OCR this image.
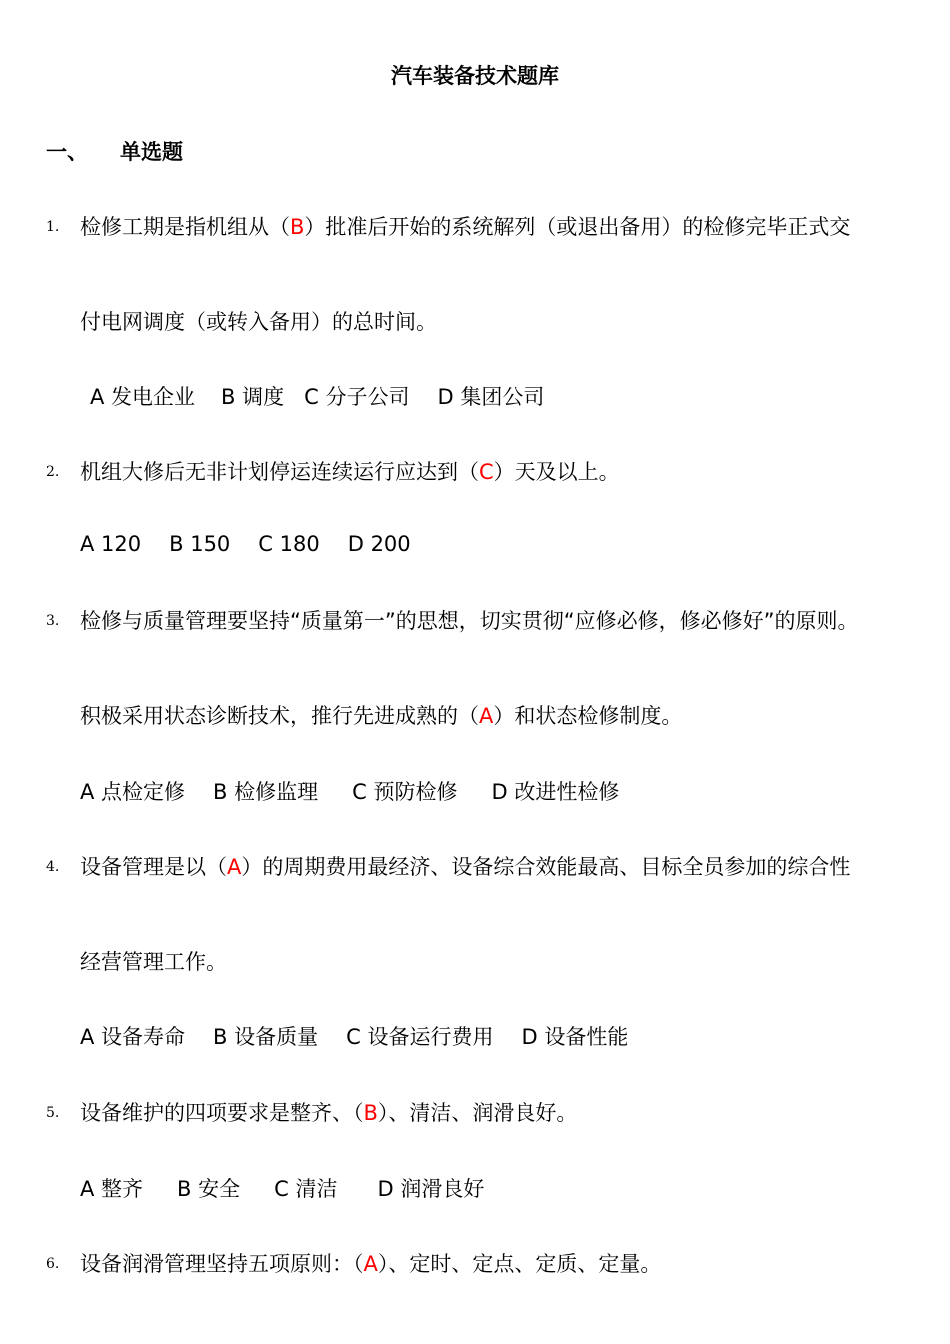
汽车装备技术题库
一、 单选题
1. 检修工期是指机组从（B）批准后开始的系统解列（或退出备用）的检修完毕正式交
付电网调度（或转入备用）的总时间。
A 发电企业 B 调度 C 分子公司 D 集团公司
2. 机组大修后无非计划停运连续运行应达到（C）天及以上。
A 120 B 150 C 180 D 200
3. 检修与质量管理要坚持“质量第一”的思想，切实贯彻“应修必修，修必修好”的原则。
积极采用状态诊断技术，推行先进成熟的（A）和状态检修制度。
A 点检定修 B 检修监理 C 预防检修 D 改进性检修
4. 设备管理是以（A）的周期费用最经济、设备综合效能最高、目标全员参加的综合性
经营管理工作。
A 设备寿命 B 设备质量 C 设备运行费用 D 设备性能
5. 设备维护的四项要求是整齐、（B）、清洁、润滑良好。
A 整齐 B 安全 C 清洁 D 润滑良好
6. 设备润滑管理坚持五项原则：（A）、定时、定点、定质、定量。
